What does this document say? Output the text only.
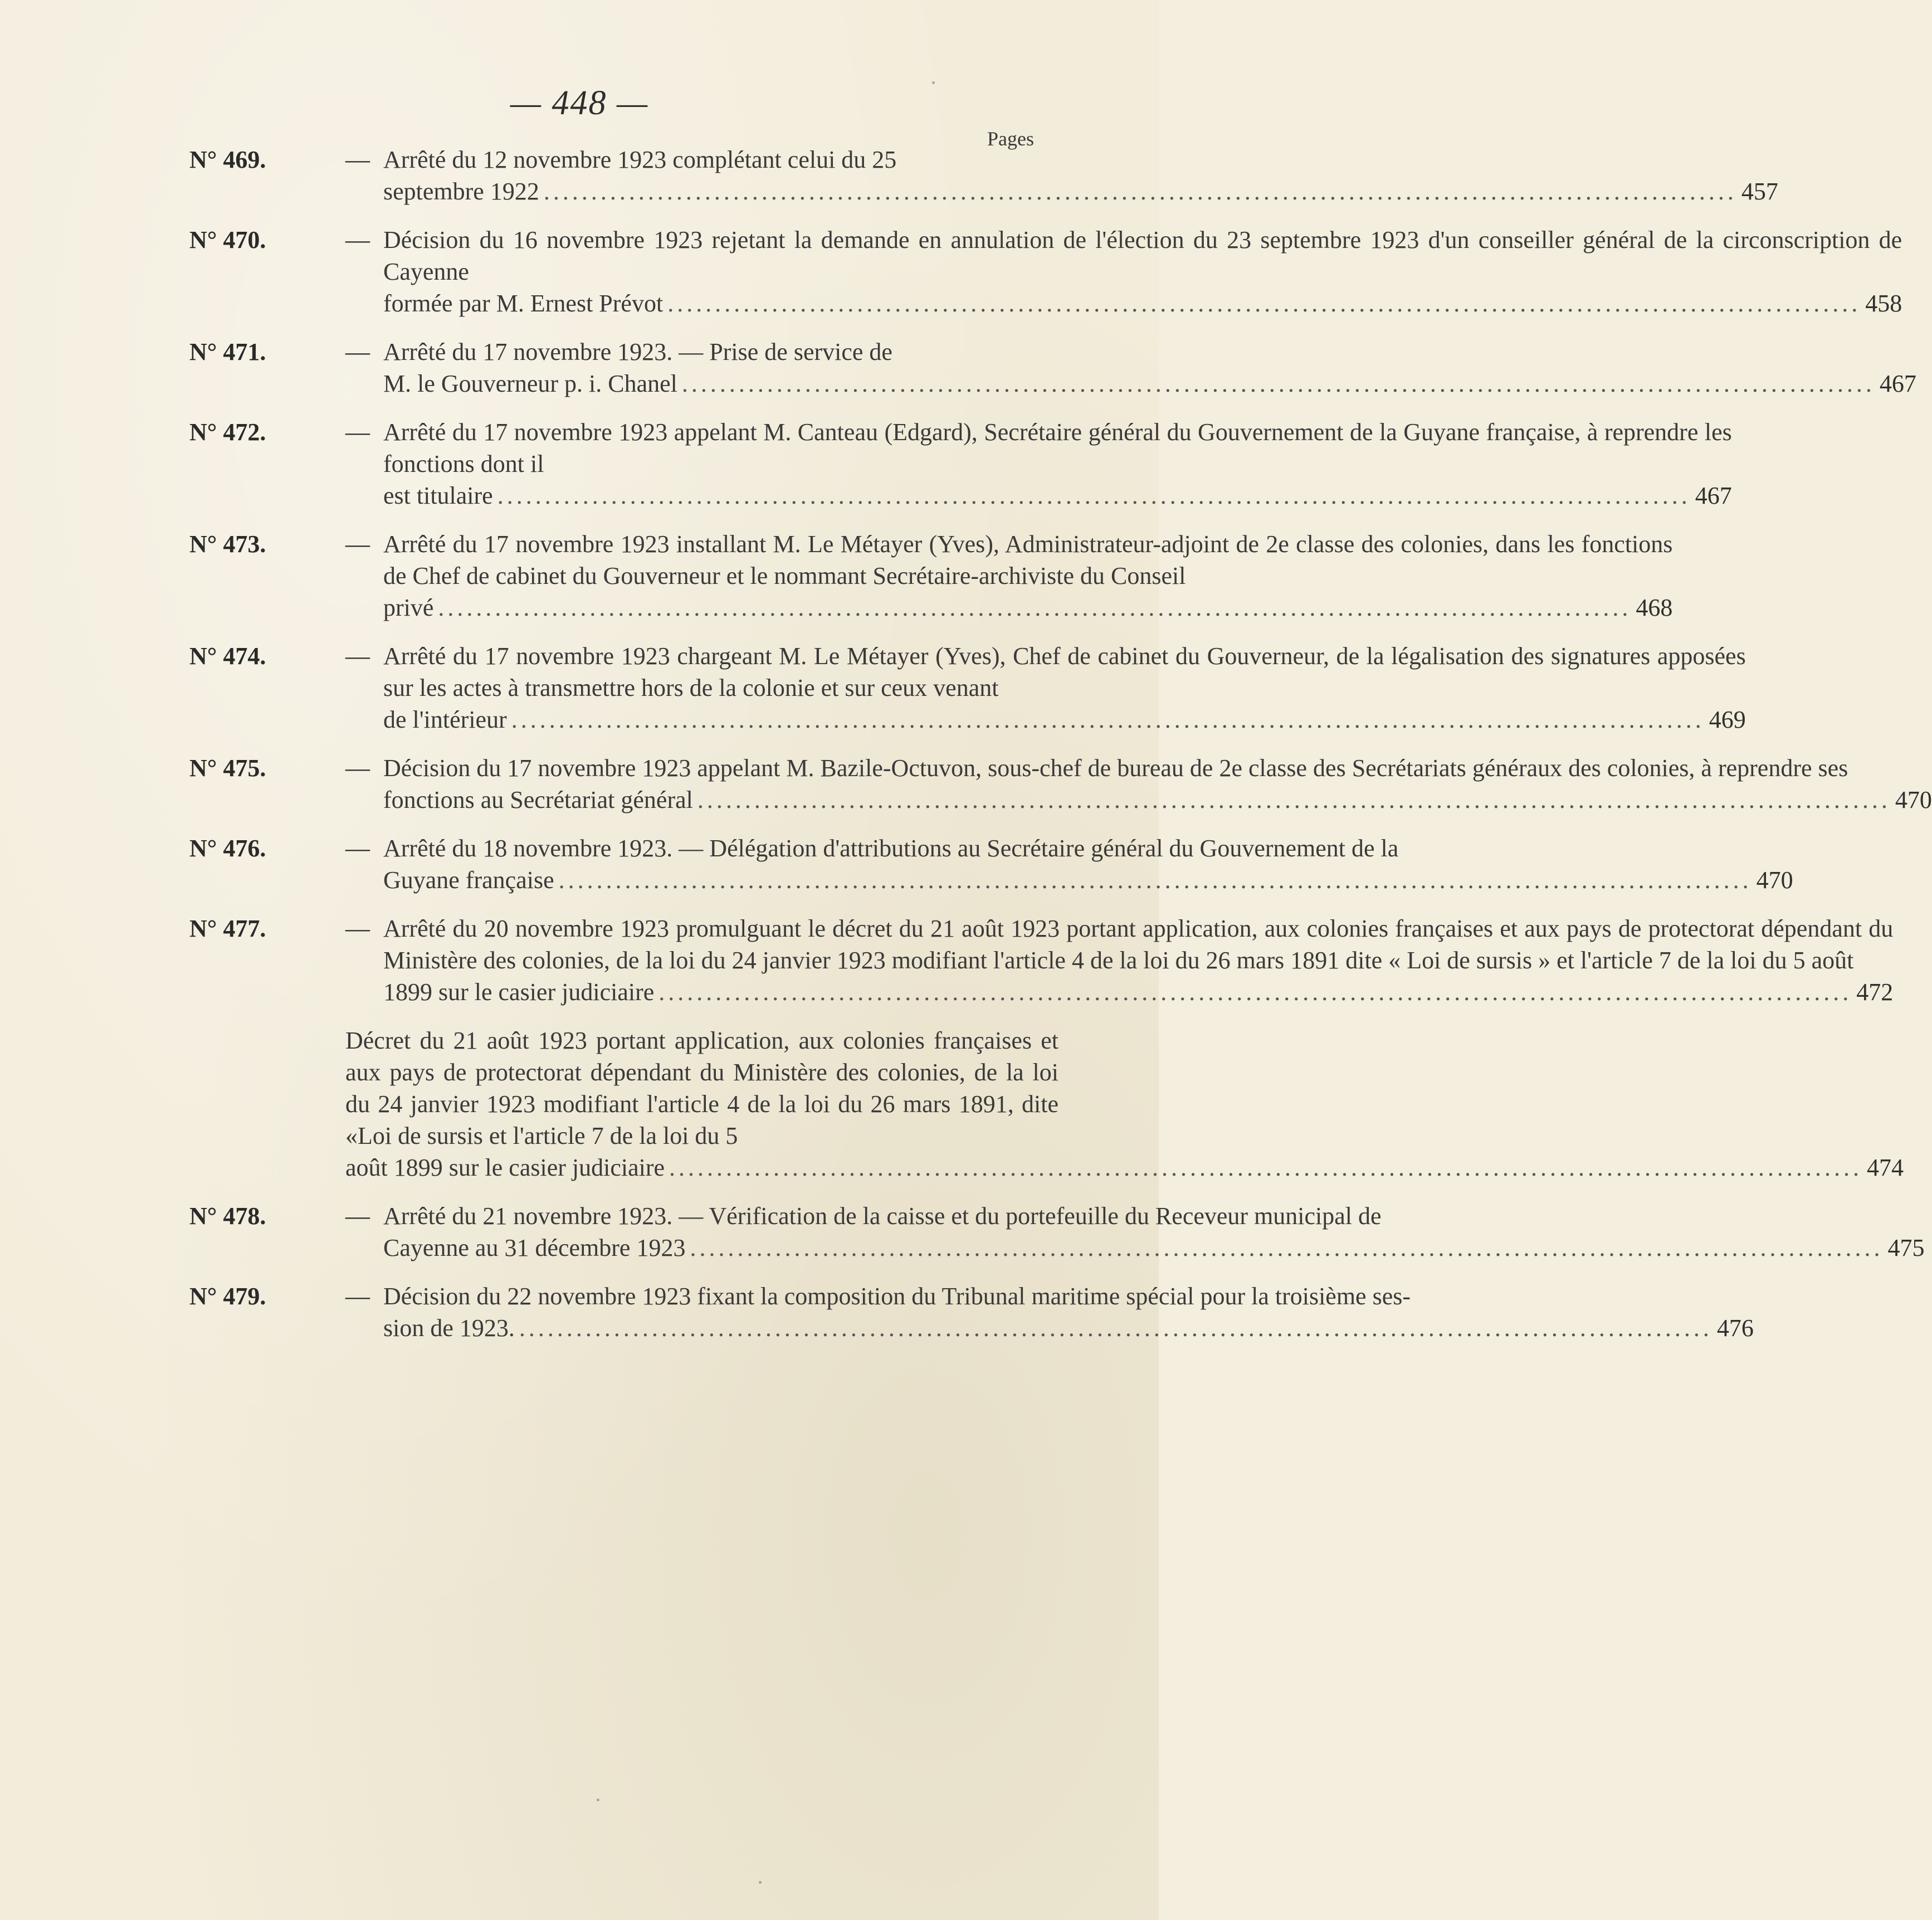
— 448 —
Pages
N° 469.	— Arrêté du 12 novembre 1923 complétant celui du 25
septembre 1922 .............................................................................................................................. 457
N° 470.	— Décision du 16 novembre 1923 rejetant la demande en annulation de l'élection du 23 septembre 1923 d'un conseiller général de la circonscription de Cayenne
formée par M. Ernest Prévot .............................................................................................................................. 458
N° 471.	— Arrêté du 17 novembre 1923. — Prise de service de
M. le Gouverneur p. i. Chanel .............................................................................................................................. 467
N° 472.	— Arrêté du 17 novembre 1923 appelant M. Canteau (Edgard), Secrétaire général du Gouvernement de la Guyane française, à reprendre les fonctions dont il
est titulaire .............................................................................................................................. 467
N° 473.	— Arrêté du 17 novembre 1923 installant M. Le Métayer (Yves), Administrateur-adjoint de 2e classe des colonies, dans les fonctions de Chef de cabinet du Gouverneur et le nommant Secrétaire-archiviste du Conseil
privé .............................................................................................................................. 468
N° 474.	— Arrêté du 17 novembre 1923 chargeant M. Le Métayer (Yves), Chef de cabinet du Gouverneur, de la légalisation des signatures apposées sur les actes à transmettre hors de la colonie et sur ceux venant
de l'intérieur .............................................................................................................................. 469
N° 475.	— Décision du 17 novembre 1923 appelant M. Bazile-Octuvon, sous-chef de bureau de 2e classe des Secrétariats généraux des colonies, à reprendre ses
fonctions au Secrétariat général .............................................................................................................................. 470
N° 476.	— Arrêté du 18 novembre 1923. — Délégation d'attributions au Secrétaire général du Gouvernement de la
Guyane française .............................................................................................................................. 470
N° 477.	— Arrêté du 20 novembre 1923 promulguant le décret du 21 août 1923 portant application, aux colonies françaises et aux pays de protectorat dépendant du Ministère des colonies, de la loi du 24 janvier 1923 modifiant l'article 4 de la loi du 26 mars 1891 dite « Loi de sursis » et l'article 7 de la loi du 5 août
1899 sur le casier judiciaire .............................................................................................................................. 472
Décret du 21 août 1923 portant application, aux colonies françaises et aux pays de protectorat dépendant du Ministère des colonies, de la loi du 24 janvier 1923 modifiant l'article 4 de la loi du 26 mars 1891, dite «Loi de sursis et l'article 7 de la loi du 5
août 1899 sur le casier judiciaire .............................................................................................................................. 474
N° 478.	— Arrêté du 21 novembre 1923. — Vérification de la caisse et du portefeuille du Receveur municipal de
Cayenne au 31 décembre 1923 .............................................................................................................................. 475
N° 479.	— Décision du 22 novembre 1923 fixant la composition du Tribunal maritime spécial pour la troisième ses-
sion de 1923. .............................................................................................................................. 476
